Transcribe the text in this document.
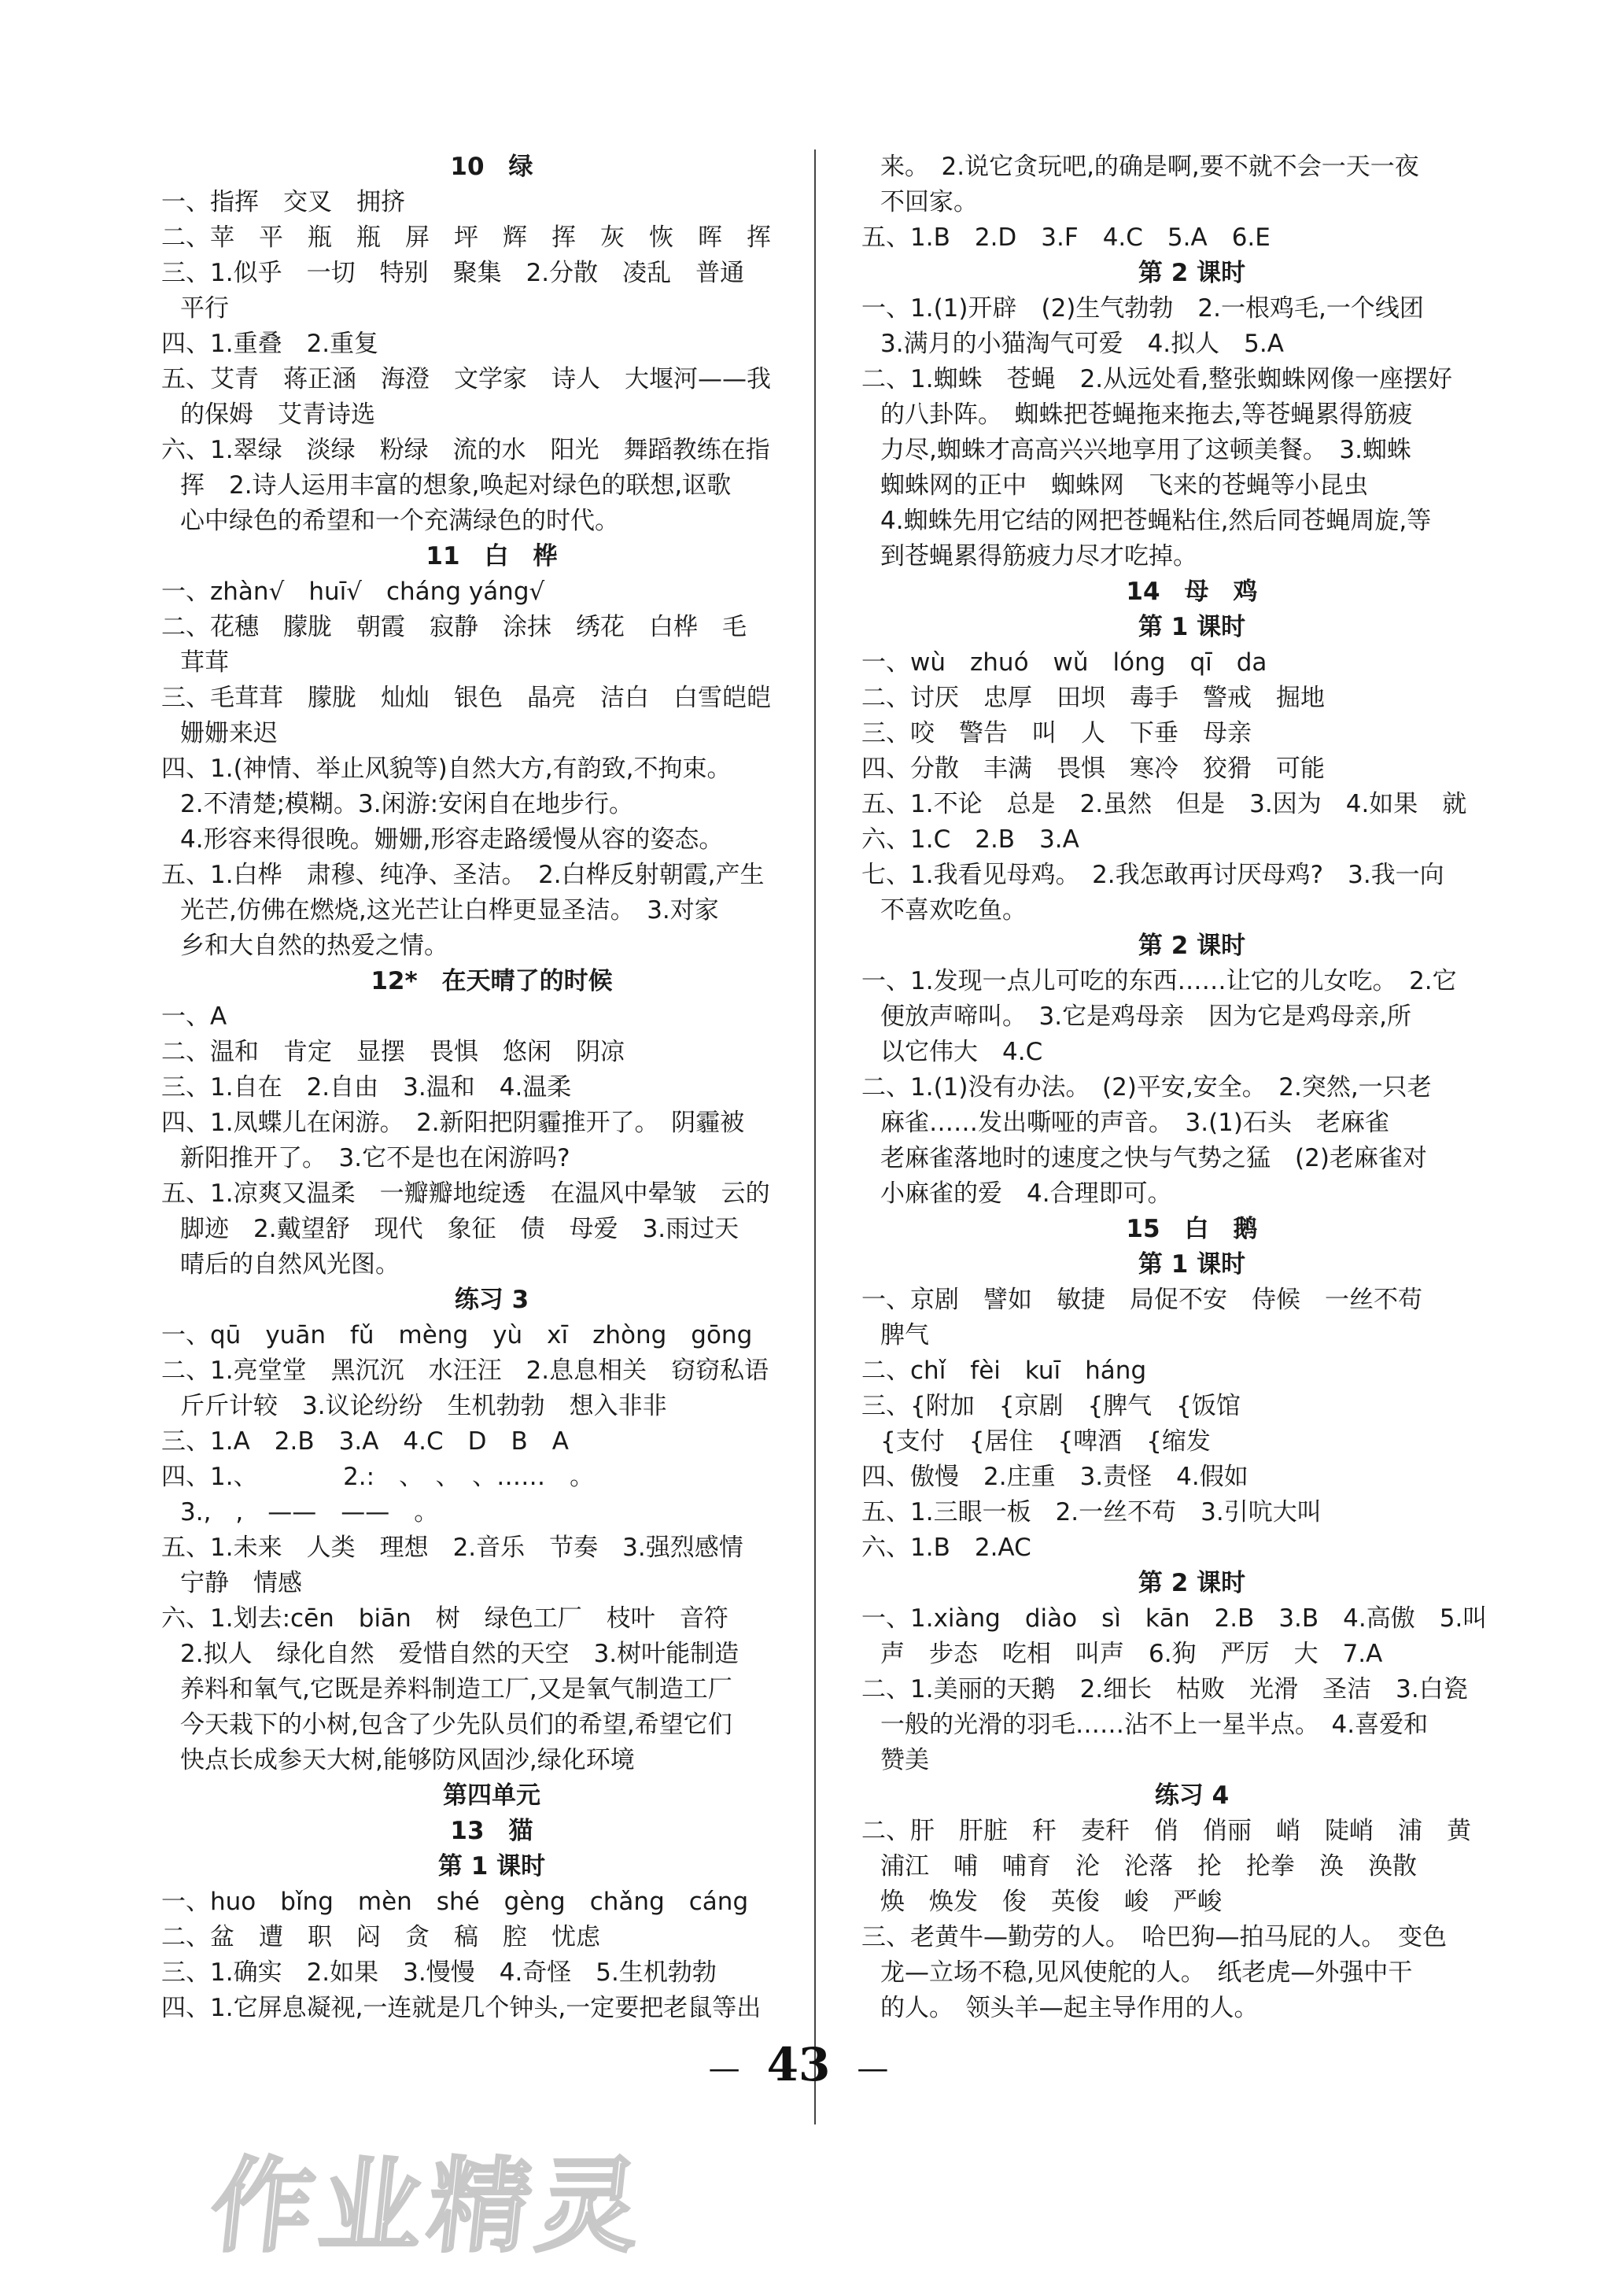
10　绿
一、指挥　交叉　拥挤
二、苹　平　瓶　瓶　屏　坪　辉　挥　灰　恢　晖　挥
三、1.似乎　一切　特别　聚集　2.分散　凌乱　普通
平行
四、1.重叠　2.重复
五、艾青　蒋正涵　海澄　文学家　诗人　大堰河——我
的保姆　艾青诗选
六、1.翠绿　淡绿　粉绿　流的水　阳光　舞蹈教练在指
挥　2.诗人运用丰富的想象,唤起对绿色的联想,讴歌
心中绿色的希望和一个充满绿色的时代。
11　白　桦
一、zhàn√　huī√　cháng yáng√
二、花穗　朦胧　朝霞　寂静　涂抹　绣花　白桦　毛
茸茸
三、毛茸茸　朦胧　灿灿　银色　晶亮　洁白　白雪皑皑
姗姗来迟
四、1.(神情、举止风貌等)自然大方,有韵致,不拘束。
2.不清楚;模糊。3.闲游:安闲自在地步行。
4.形容来得很晚。姗姗,形容走路缓慢从容的姿态。
五、1.白桦　肃穆、纯净、圣洁。　2.白桦反射朝霞,产生
光芒,仿佛在燃烧,这光芒让白桦更显圣洁。　3.对家
乡和大自然的热爱之情。
12*　在天晴了的时候
一、A
二、温和　肯定　显摆　畏惧　悠闲　阴凉
三、1.自在　2.自由　3.温和　4.温柔
四、1.凤蝶儿在闲游。　2.新阳把阴霾推开了。　阴霾被
新阳推开了。　3.它不是也在闲游吗?
五、1.凉爽又温柔　一瓣瓣地绽透　在温风中晕皱　云的
脚迹　2.戴望舒　现代　象征　债　母爱　3.雨过天
晴后的自然风光图。
练习 3
一、qū　yuān　fǔ　mèng　yù　xī　zhòng　gōng
二、1.亮堂堂　黑沉沉　水汪汪　2.息息相关　窃窃私语
斤斤计较　3.议论纷纷　生机勃勃　想入非非
三、1.A　2.B　3.A　4.C　D　B　A
四、1.、　　　　2.:　、　、　、……　。
3.,　,　——　——　。
五、1.未来　人类　理想　2.音乐　节奏　3.强烈感情
宁静　情感
六、1.划去:cēn　biān　树　绿色工厂　枝叶　音符
2.拟人　绿化自然　爱惜自然的天空　3.树叶能制造
养料和氧气,它既是养料制造工厂,又是氧气制造工厂
今天栽下的小树,包含了少先队员们的希望,希望它们
快点长成参天大树,能够防风固沙,绿化环境
第四单元
13　猫
第 1 课时
一、huo　bǐng　mèn　shé　gèng　chǎng　cáng
二、盆　遭　职　闷　贪　稿　腔　忧虑
三、1.确实　2.如果　3.慢慢　4.奇怪　5.生机勃勃
四、1.它屏息凝视,一连就是几个钟头,一定要把老鼠等出
来。　2.说它贪玩吧,的确是啊,要不就不会一天一夜
不回家。
五、1.B　2.D　3.F　4.C　5.A　6.E
第 2 课时
一、1.(1)开辟　(2)生气勃勃　2.一根鸡毛,一个线团
3.满月的小猫淘气可爱　4.拟人　5.A
二、1.蜘蛛　苍蝇　2.从远处看,整张蜘蛛网像一座摆好
的八卦阵。　蜘蛛把苍蝇拖来拖去,等苍蝇累得筋疲
力尽,蜘蛛才高高兴兴地享用了这顿美餐。　3.蜘蛛
蜘蛛网的正中　蜘蛛网　飞来的苍蝇等小昆虫
4.蜘蛛先用它结的网把苍蝇粘住,然后同苍蝇周旋,等
到苍蝇累得筋疲力尽才吃掉。
14　母　鸡
第 1 课时
一、wù　zhuó　wǔ　lóng　qī　da
二、讨厌　忠厚　田坝　毒手　警戒　掘地
三、咬　警告　叫　人　下垂　母亲
四、分散　丰满　畏惧　寒冷　狡猾　可能
五、1.不论　总是　2.虽然　但是　3.因为　4.如果　就
六、1.C　2.B　3.A
七、1.我看见母鸡。　2.我怎敢再讨厌母鸡?　3.我一向
不喜欢吃鱼。
第 2 课时
一、1.发现一点儿可吃的东西……让它的儿女吃。　2.它
便放声啼叫。　3.它是鸡母亲　因为它是鸡母亲,所
以它伟大　4.C
二、1.(1)没有办法。　(2)平安,安全。　2.突然,一只老
麻雀……发出嘶哑的声音。　3.(1)石头　老麻雀
老麻雀落地时的速度之快与气势之猛　(2)老麻雀对
小麻雀的爱　4.合理即可。
15　白　鹅
第 1 课时
一、京剧　譬如　敏捷　局促不安　侍候　一丝不苟
脾气
二、chǐ　fèi　kuī　háng
三、{附加　{京剧　{脾气　{饭馆
{支付　{居住　{啤酒　{缩发
四、傲慢　2.庄重　3.责怪　4.假如
五、1.三眼一板　2.一丝不苟　3.引吭大叫
六、1.B　2.AC
第 2 课时
一、1.xiàng　diào　sì　kān　2.B　3.B　4.高傲　5.叫
声　步态　吃相　叫声　6.狗　严厉　大　7.A
二、1.美丽的天鹅　2.细长　枯败　光滑　圣洁　3.白瓷
一般的光滑的羽毛……沾不上一星半点。　4.喜爱和
赞美
练习 4
二、肝　肝脏　秆　麦秆　俏　俏丽　峭　陡峭　浦　黄
浦江　哺　哺育　沦　沦落　抡　抡拳　涣　涣散
焕　焕发　俊　英俊　峻　严峻
三、老黄牛—勤劳的人。　哈巴狗—拍马屁的人。　变色
龙—立场不稳,见风使舵的人。　纸老虎—外强中干
的人。　领头羊—起主导作用的人。
— 43 —
作业精灵
